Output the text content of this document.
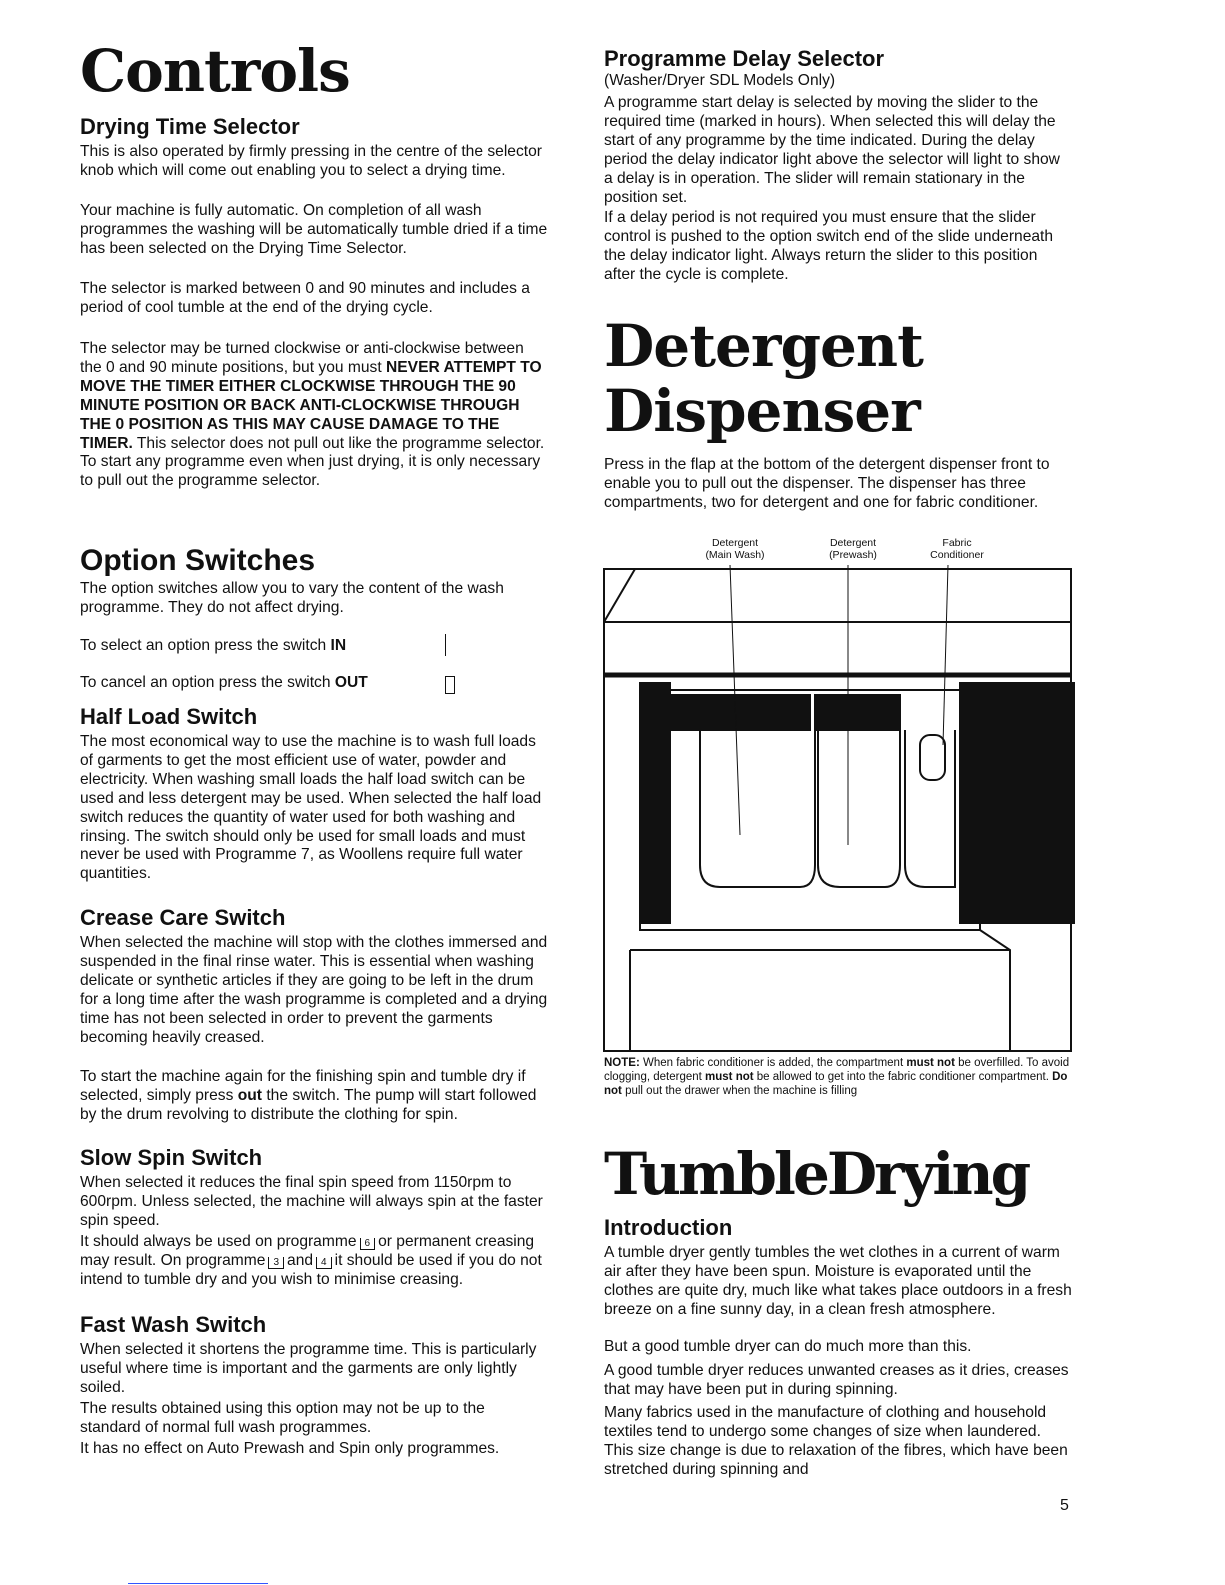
Controls
Drying Time Selector
This is also operated by firmly pressing in the centre of the selector knob which will come out enabling you to select a drying time.
Your machine is fully automatic. On completion of all wash programmes the washing will be automatically tumble dried if a time has been selected on the Drying Time Selector.
The selector is marked between 0 and 90 minutes and includes a period of cool tumble at the end of the drying cycle.
The selector may be turned clockwise or anti-clockwise between the 0 and 90 minute positions, but you must NEVER ATTEMPT TO MOVE THE TIMER EITHER CLOCKWISE THROUGH THE 90 MINUTE POSITION OR BACK ANTI-CLOCKWISE THROUGH THE 0 POSITION AS THIS MAY CAUSE DAMAGE TO THE TIMER. This selector does not pull out like the programme selector. To start any programme even when just drying, it is only necessary to pull out the programme selector.
Option Switches
The option switches allow you to vary the content of the wash programme. They do not affect drying.
To select an option press the switch IN
To cancel an option press the switch OUT
Half Load Switch
The most economical way to use the machine is to wash full loads of garments to get the most efficient use of water, powder and electricity. When washing small loads the half load switch can be used and less detergent may be used. When selected the half load switch reduces the quantity of water used for both washing and rinsing. The switch should only be used for small loads and must never be used with Programme 7, as Woollens require full water quantities.
Crease Care Switch
When selected the machine will stop with the clothes immersed and suspended in the final rinse water. This is essential when washing delicate or synthetic articles if they are going to be left in the drum for a long time after the wash programme is completed and a drying time has not been selected in order to prevent the garments becoming heavily creased.
To start the machine again for the finishing spin and tumble dry if selected, simply press out the switch. The pump will start followed by the drum revolving to distribute the clothing for spin.
Slow Spin Switch
When selected it reduces the final spin speed from 1150rpm to 600rpm. Unless selected, the machine will always spin at the faster spin speed.
It should always be used on programme 6 or permanent creasing may result. On programme 3 and 4 it should be used if you do not intend to tumble dry and you wish to minimise creasing.
Fast Wash Switch
When selected it shortens the programme time. This is particularly useful where time is important and the garments are only lightly soiled.
The results obtained using this option may not be up to the standard of normal full wash programmes.
It has no effect on Auto Prewash and Spin only programmes.
Programme Delay Selector
(Washer/Dryer SDL Models Only)
A programme start delay is selected by moving the slider to the required time (marked in hours). When selected this will delay the start of any programme by the time indicated. During the delay period the delay indicator light above the selector will light to show a delay is in operation. The slider will remain stationary in the position set.
If a delay period is not required you must ensure that the slider control is pushed to the option switch end of the slide underneath the delay indicator light. Always return the slider to this position after the cycle is complete.
Detergent
Dispenser
Press in the flap at the bottom of the detergent dispenser front to enable you to pull out the dispenser. The dispenser has three compartments, two for detergent and one for fabric conditioner.
Detergent
(Main Wash)
Detergent
(Prewash)
Fabric
Conditioner
NOTE: When fabric conditioner is added, the compartment must not be overfilled. To avoid clogging, detergent must not be allowed to get into the fabric conditioner compartment. Do not pull out the drawer when the machine is filling
TumbleDrying
Introduction
A tumble dryer gently tumbles the wet clothes in a current of warm air after they have been spun. Moisture is evaporated until the clothes are quite dry, much like what takes place outdoors in a fresh breeze on a fine sunny day, in a clean fresh atmosphere.
But a good tumble dryer can do much more than this.
A good tumble dryer reduces unwanted creases as it dries, creases that may have been put in during spinning.
Many fabrics used in the manufacture of clothing and household textiles tend to undergo some changes of size when laundered. This size change is due to relaxation of the fibres, which have been stretched during spinning and
5
